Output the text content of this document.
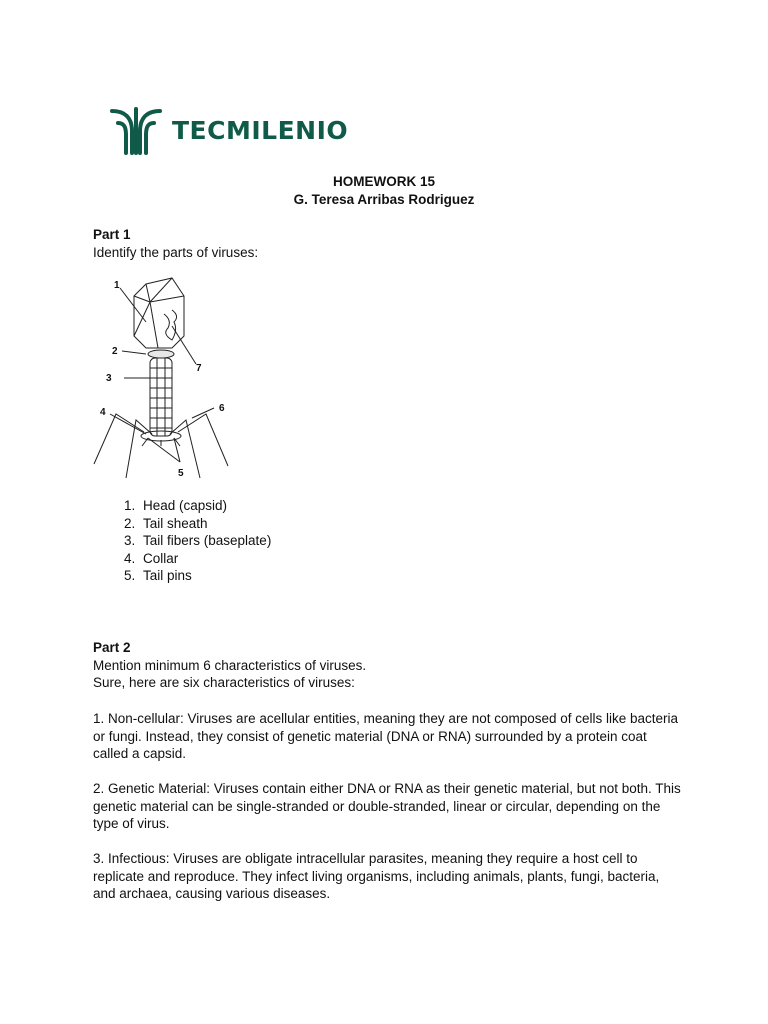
TECMILENIO
HOMEWORK 15
G. Teresa Arribas Rodriguez
Part 1
Identify the parts of viruses:
1
2
3
4
5
6
7
1. Head (capsid)
2. Tail sheath
3. Tail fibers (baseplate)
4. Collar
5. Tail pins
Part 2
Mention minimum 6 characteristics of viruses.
Sure, here are six characteristics of viruses:
1. Non-cellular: Viruses are acellular entities, meaning they are not composed of cells like bacteria or fungi. Instead, they consist of genetic material (DNA or RNA) surrounded by a protein coat called a capsid.
2. Genetic Material: Viruses contain either DNA or RNA as their genetic material, but not both. This genetic material can be single-stranded or double-stranded, linear or circular, depending on the type of virus.
3. Infectious: Viruses are obligate intracellular parasites, meaning they require a host cell to replicate and reproduce. They infect living organisms, including animals, plants, fungi, bacteria, and archaea, causing various diseases.
